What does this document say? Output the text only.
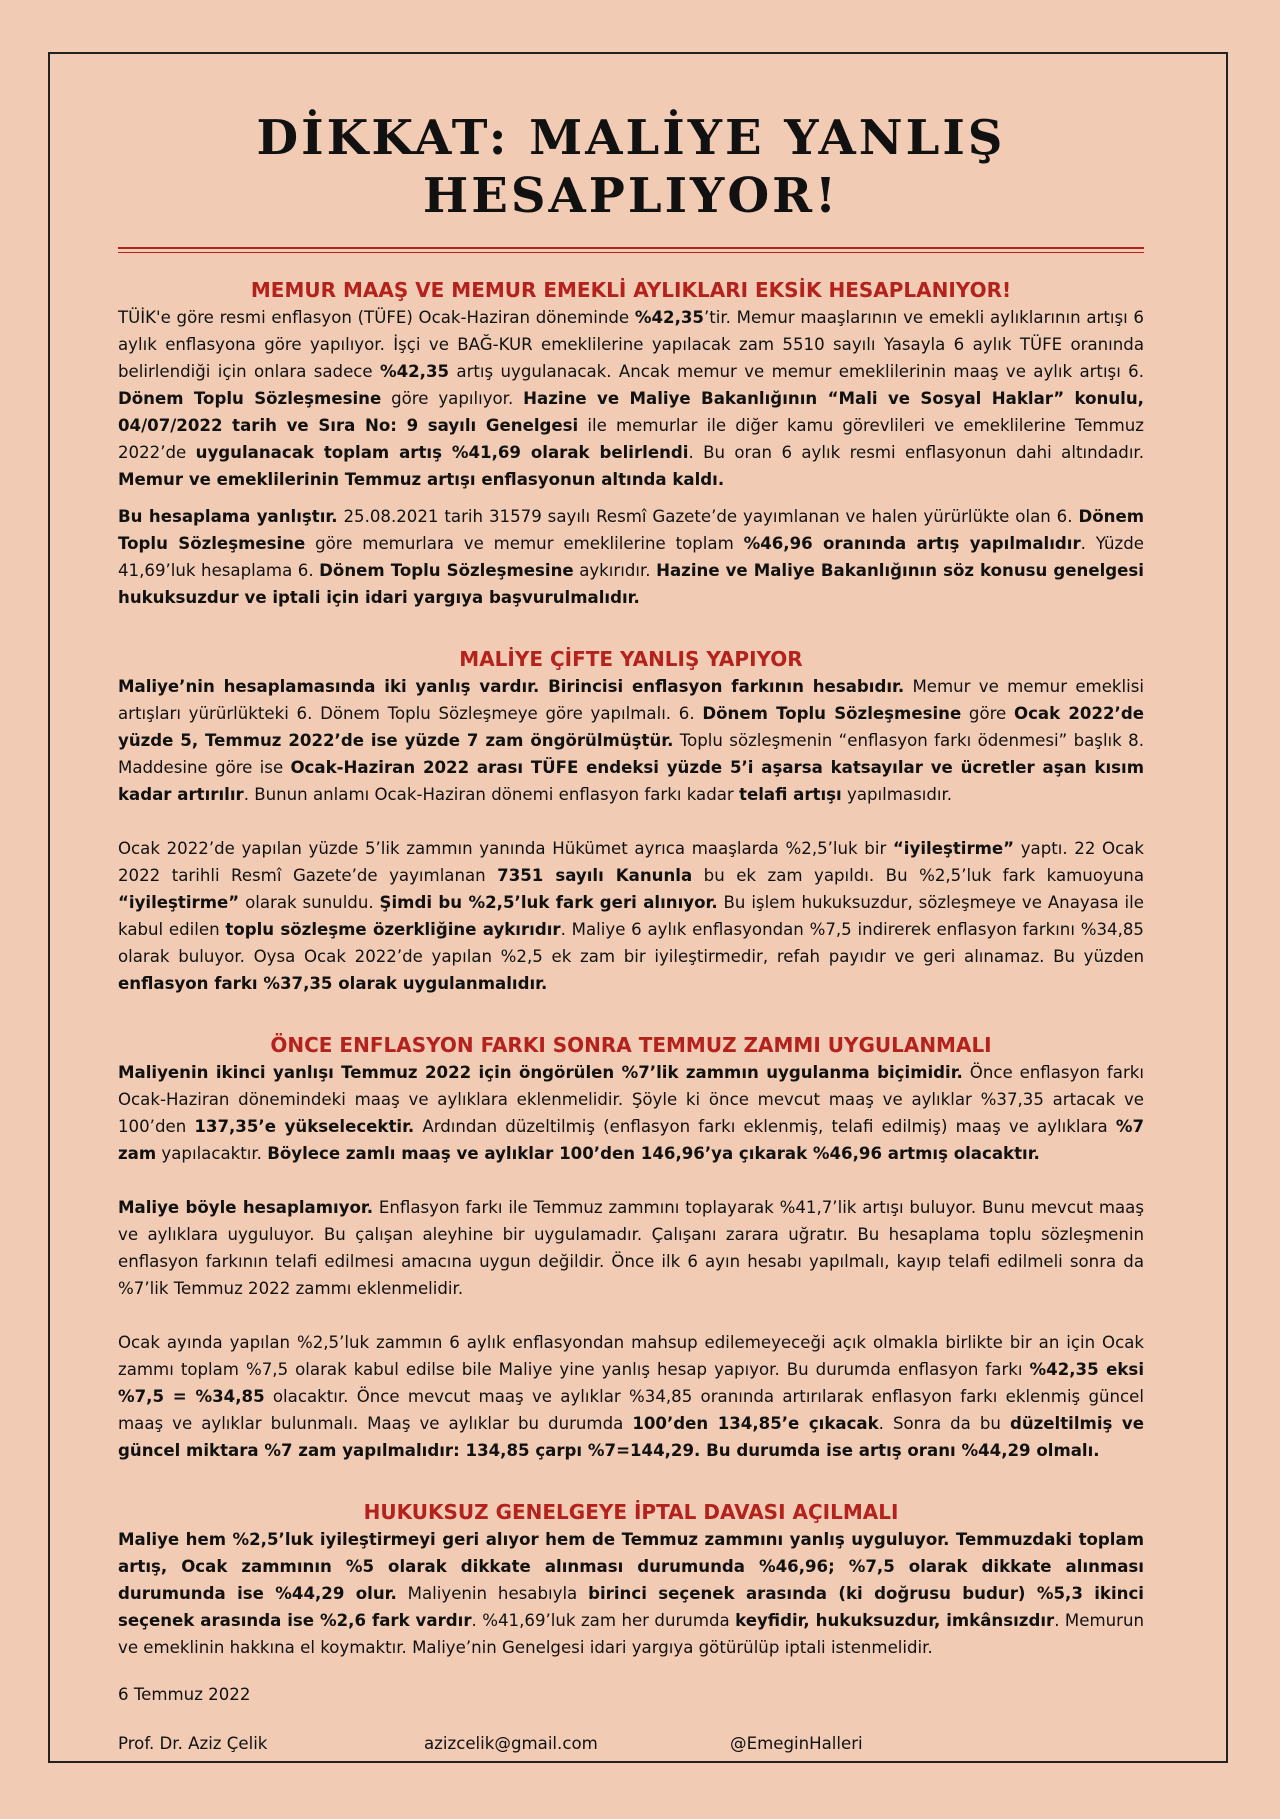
DİKKAT: MALİYE YANLIŞ HESAPLIYOR!
MEMUR MAAŞ VE MEMUR EMEKLİ AYLIKLARI EKSİK HESAPLANIYOR!

TÜİK'e göre resmi enflasyon (TÜFE) Ocak-Haziran döneminde %42,35’tir. Memur maaşlarının ve emekli aylıklarının artışı 6 aylık enflasyona göre yapılıyor. İşçi ve BAĞ-KUR emeklilerine yapılacak zam 5510 sayılı Yasayla 6 aylık TÜFE oranında belirlendiği için onlara sadece %42,35 artış uygulanacak. Ancak memur ve memur emeklilerinin maaş ve aylık artışı 6. Dönem Toplu Sözleşmesine göre yapılıyor. Hazine ve Maliye Bakanlığının “Mali ve Sosyal Haklar” konulu, 04/07/2022 tarih ve Sıra No: 9 sayılı Genelgesi ile memurlar ile diğer kamu görevlileri ve emeklilerine Temmuz 2022’de uygulanacak toplam artış %41,69 olarak belirlendi. Bu oran 6 aylık resmi enflasyonun dahi altındadır. Memur ve emeklilerinin Temmuz artışı enflasyonun altında kaldı.

Bu hesaplama yanlıştır. 25.08.2021 tarih 31579 sayılı Resmî Gazete’de yayımlanan ve halen yürürlükte olan 6. Dönem Toplu Sözleşmesine göre memurlara ve memur emeklilerine toplam %46,96 oranında artış yapılmalıdır. Yüzde 41,69’luk hesaplama 6. Dönem Toplu Sözleşmesine aykırıdır. Hazine ve Maliye Bakanlığının söz konusu genelgesi hukuksuzdur ve iptali için idari yargıya başvurulmalıdır.

MALİYE ÇİFTE YANLIŞ YAPIYOR

Maliye’nin hesaplamasında iki yanlış vardır. Birincisi enflasyon farkının hesabıdır. Memur ve memur emeklisi artışları yürürlükteki 6. Dönem Toplu Sözleşmeye göre yapılmalı. 6. Dönem Toplu Sözleşmesine göre Ocak 2022’de yüzde 5, Temmuz 2022’de ise yüzde 7 zam öngörülmüştür. Toplu sözleşmenin “enflasyon farkı ödenmesi” başlık 8. Maddesine göre ise Ocak-Haziran 2022 arası TÜFE endeksi yüzde 5’i aşarsa katsayılar ve ücretler aşan kısım kadar artırılır. Bunun anlamı Ocak-Haziran dönemi enflasyon farkı kadar telafi artışı yapılmasıdır.

Ocak 2022’de yapılan yüzde 5’lik zammın yanında Hükümet ayrıca maaşlarda %2,5’luk bir “iyileştirme” yaptı. 22 Ocak 2022 tarihli Resmî Gazete’de yayımlanan 7351 sayılı Kanunla bu ek zam yapıldı. Bu %2,5’luk fark kamuoyuna “iyileştirme” olarak sunuldu. Şimdi bu %2,5’luk fark geri alınıyor. Bu işlem hukuksuzdur, sözleşmeye ve Anayasa ile kabul edilen toplu sözleşme özerkliğine aykırıdır. Maliye 6 aylık enflasyondan %7,5 indirerek enflasyon farkını %34,85 olarak buluyor. Oysa Ocak 2022’de yapılan %2,5 ek zam bir iyileştirmedir, refah payıdır ve geri alınamaz. Bu yüzden enflasyon farkı %37,35 olarak uygulanmalıdır.

ÖNCE ENFLASYON FARKI SONRA TEMMUZ ZAMMI UYGULANMALI

Maliyenin ikinci yanlışı Temmuz 2022 için öngörülen %7’lik zammın uygulanma biçimidir. Önce enflasyon farkı Ocak-Haziran dönemindeki maaş ve aylıklara eklenmelidir. Şöyle ki önce mevcut maaş ve aylıklar %37,35 artacak ve 100’den 137,35’e yükselecektir. Ardından düzeltilmiş (enflasyon farkı eklenmiş, telafi edilmiş) maaş ve aylıklara %7 zam yapılacaktır. Böylece zamlı maaş ve aylıklar 100’den 146,96’ya çıkarak %46,96 artmış olacaktır.

Maliye böyle hesaplamıyor. Enflasyon farkı ile Temmuz zammını toplayarak %41,7’lik artışı buluyor. Bunu mevcut maaş ve aylıklara uyguluyor. Bu çalışan aleyhine bir uygulamadır. Çalışanı zarara uğratır. Bu hesaplama toplu sözleşmenin enflasyon farkının telafi edilmesi amacına uygun değildir. Önce ilk 6 ayın hesabı yapılmalı, kayıp telafi edilmeli sonra da %7’lik Temmuz 2022 zammı eklenmelidir.

Ocak ayında yapılan %2,5’luk zammın 6 aylık enflasyondan mahsup edilemeyeceği açık olmakla birlikte bir an için Ocak zammı toplam %7,5 olarak kabul edilse bile Maliye yine yanlış hesap yapıyor. Bu durumda enflasyon farkı %42,35 eksi %7,5 = %34,85 olacaktır. Önce mevcut maaş ve aylıklar %34,85 oranında artırılarak enflasyon farkı eklenmiş güncel maaş ve aylıklar bulunmalı. Maaş ve aylıklar bu durumda 100’den 134,85’e çıkacak. Sonra da bu düzeltilmiş ve güncel miktara %7 zam yapılmalıdır: 134,85 çarpı %7=144,29. Bu durumda ise artış oranı %44,29 olmalı.

HUKUKSUZ GENELGEYE İPTAL DAVASI AÇILMALI

Maliye hem %2,5’luk iyileştirmeyi geri alıyor hem de Temmuz zammını yanlış uyguluyor. Temmuzdaki toplam artış, Ocak zammının %5 olarak dikkate alınması durumunda %46,96; %7,5 olarak dikkate alınması durumunda ise %44,29 olur. Maliyenin hesabıyla birinci seçenek arasında (ki doğrusu budur) %5,3 ikinci seçenek arasında ise %2,6 fark vardır. %41,69’luk zam her durumda keyfidir, hukuksuzdur, imkânsızdır. Memurun ve emeklinin hakkına el koymaktır. Maliye’nin Genelgesi idari yargıya götürülüp iptali istenmelidir.

6 Temmuz 2022

Prof. Dr. Aziz Çelik	azizcelik@gmail.com	@EmeginHalleri
